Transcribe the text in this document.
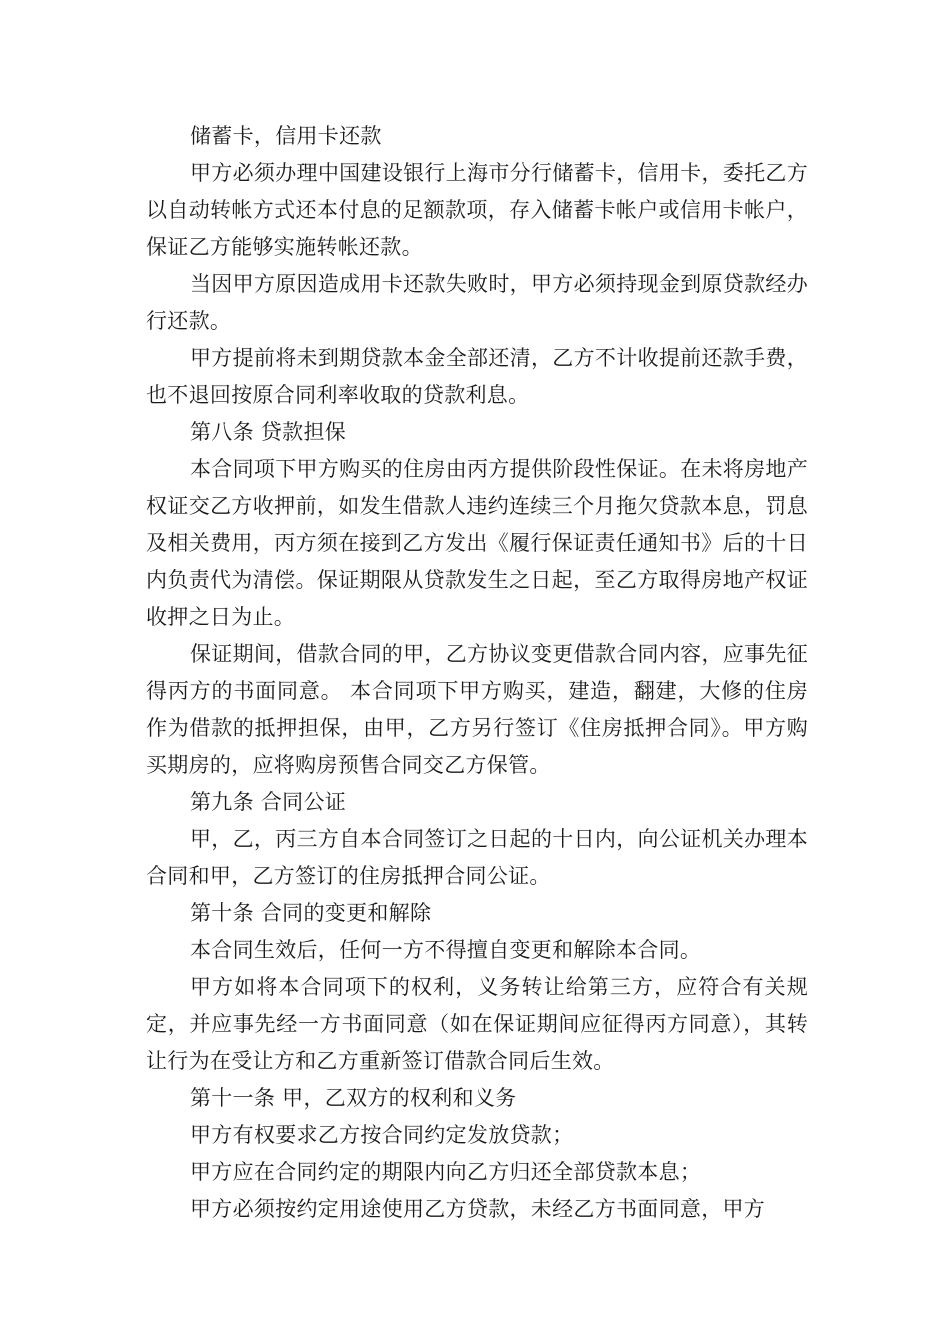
储蓄卡，信用卡还款

甲方必须办理中国建设银行上海市分行储蓄卡，信用卡，委托乙方以自动转帐方式还本付息的足额款项，存入储蓄卡帐户或信用卡帐户，保证乙方能够实施转帐还款。

当因甲方原因造成用卡还款失败时，甲方必须持现金到原贷款经办行还款。

甲方提前将未到期贷款本金全部还清，乙方不计收提前还款手费，也不退回按原合同利率收取的贷款利息。

第八条 贷款担保

本合同项下甲方购买的住房由丙方提供阶段性保证。在未将房地产权证交乙方收押前，如发生借款人违约连续三个月拖欠贷款本息，罚息及相关费用，丙方须在接到乙方发出《履行保证责任通知书》后的十日内负责代为清偿。保证期限从贷款发生之日起，至乙方取得房地产权证收押之日为止。

保证期间，借款合同的甲，乙方协议变更借款合同内容，应事先征得丙方的书面同意。 本合同项下甲方购买，建造，翻建，大修的住房作为借款的抵押担保，由甲，乙方另行签订《住房抵押合同》。甲方购买期房的，应将购房预售合同交乙方保管。

第九条 合同公证

甲，乙，丙三方自本合同签订之日起的十日内，向公证机关办理本合同和甲，乙方签订的住房抵押合同公证。

第十条 合同的变更和解除

本合同生效后，任何一方不得擅自变更和解除本合同。

甲方如将本合同项下的权利，义务转让给第三方，应符合有关规定，并应事先经一方书面同意（如在保证期间应征得丙方同意），其转让行为在受让方和乙方重新签订借款合同后生效。

第十一条 甲，乙双方的权利和义务

甲方有权要求乙方按合同约定发放贷款；

甲方应在合同约定的期限内向乙方归还全部贷款本息；

甲方必须按约定用途使用乙方贷款，未经乙方书面同意，甲方
